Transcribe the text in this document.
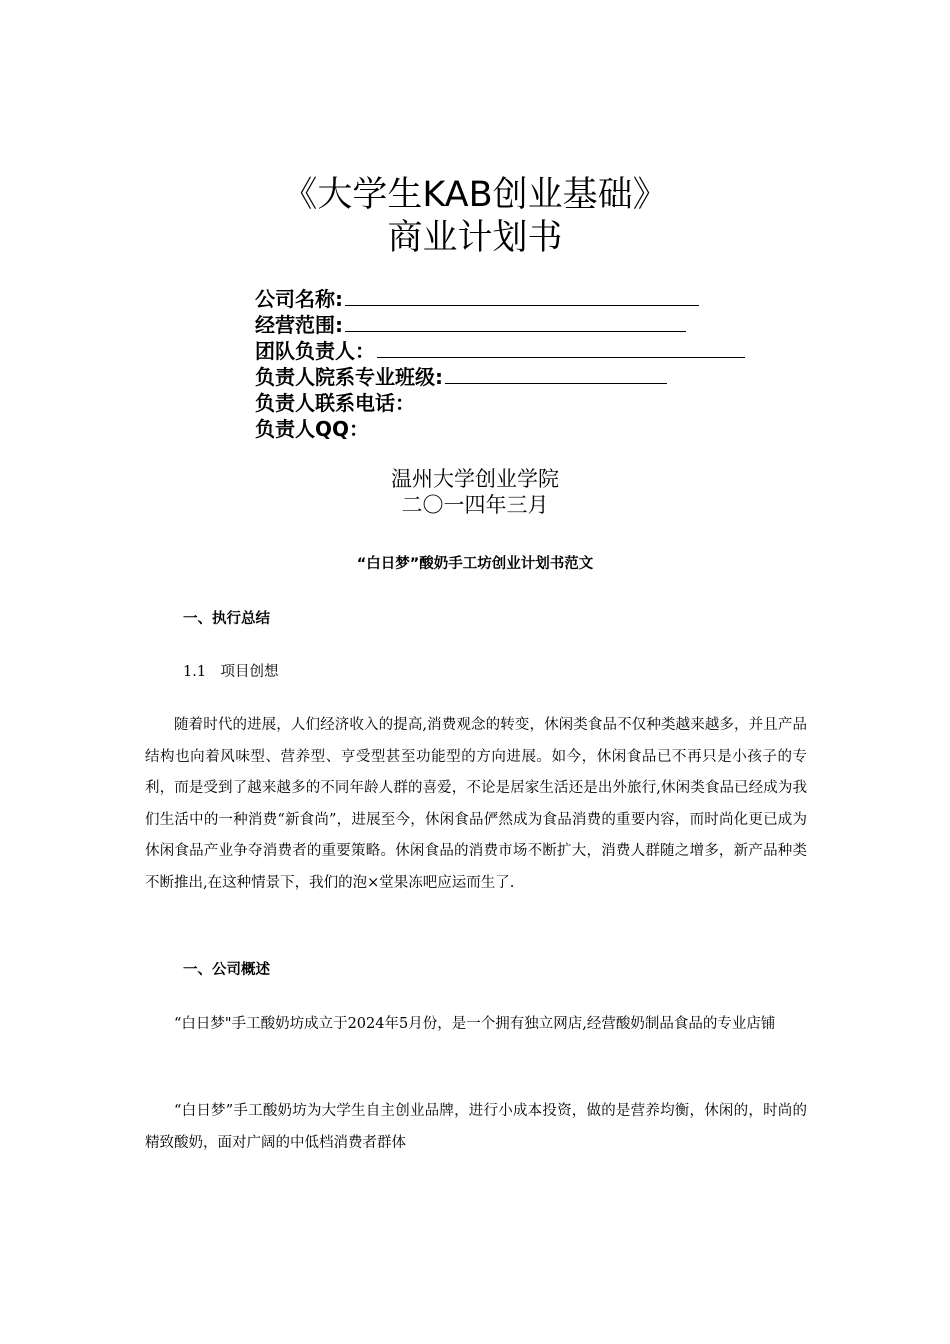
《大学生KAB创业基础》
商业计划书
公司名称:
经营范围:
团队负责人：
负责人院系专业班级:
负责人联系电话：
负责人QQ：
温州大学创业学院
二〇一四年三月
“白日梦”酸奶手工坊创业计划书范文
一、执行总结
1.1　项目创想
随着时代的进展，人们经济收入的提高,消费观念的转变，休闲类食品不仅种类越来越多，并且产品结构也向着风味型、营养型、亨受型甚至功能型的方向进展。如今，休闲食品已不再只是小孩子的专利，而是受到了越来越多的不同年龄人群的喜爱，不论是居家生活还是出外旅行,休闲类食品已经成为我们生活中的一种消费“新食尚”，进展至今，休闲食品俨然成为食品消费的重要内容，而时尚化更已成为休闲食品产业争夺消费者的重要策略。休闲食品的消费市场不断扩大，消费人群随之增多，新产品种类不断推出,在这种情景下，我们的泡×堂果冻吧应运而生了.
一、公司概述
“白日梦"手工酸奶坊成立于2024年5月份，是一个拥有独立网店,经营酸奶制品食品的专业店铺
“白日梦”手工酸奶坊为大学生自主创业品牌，进行小成本投资，做的是营养均衡，休闲的，时尚的精致酸奶，面对广阔的中低档消费者群体
